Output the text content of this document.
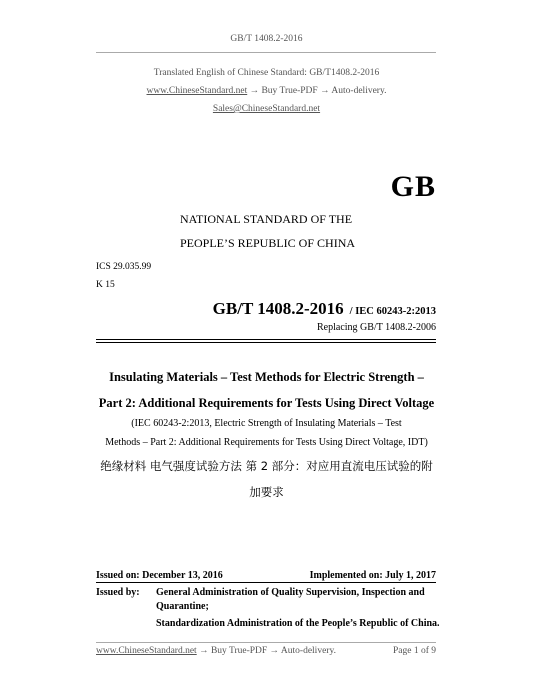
GB/T 1408.2-2016
Translated English of Chinese Standard: GB/T1408.2-2016
www.ChineseStandard.net → Buy True-PDF → Auto-delivery.
Sales@ChineseStandard.net
GB
NATIONAL STANDARD OF THE
PEOPLE’S REPUBLIC OF CHINA
ICS 29.035.99
K 15
GB/T 1408.2-2016 / IEC 60243-2:2013
Replacing GB/T 1408.2-2006
Insulating Materials – Test Methods for Electric Strength –
Part 2: Additional Requirements for Tests Using Direct Voltage
(IEC 60243-2:2013, Electric Strength of Insulating Materials – Test
Methods – Part 2: Additional Requirements for Tests Using Direct Voltage, IDT)
绝缘材料 电气强度试验方法 第 2 部分：对应用直流电压试验的附
加要求
Issued on: December 13, 2016	Implemented on: July 1, 2017
Issued by: General Administration of Quality Supervision, Inspection and
Quarantine;
Standardization Administration of the People’s Republic of China.
www.ChineseStandard.net → Buy True-PDF → Auto-delivery.	Page 1 of 9
